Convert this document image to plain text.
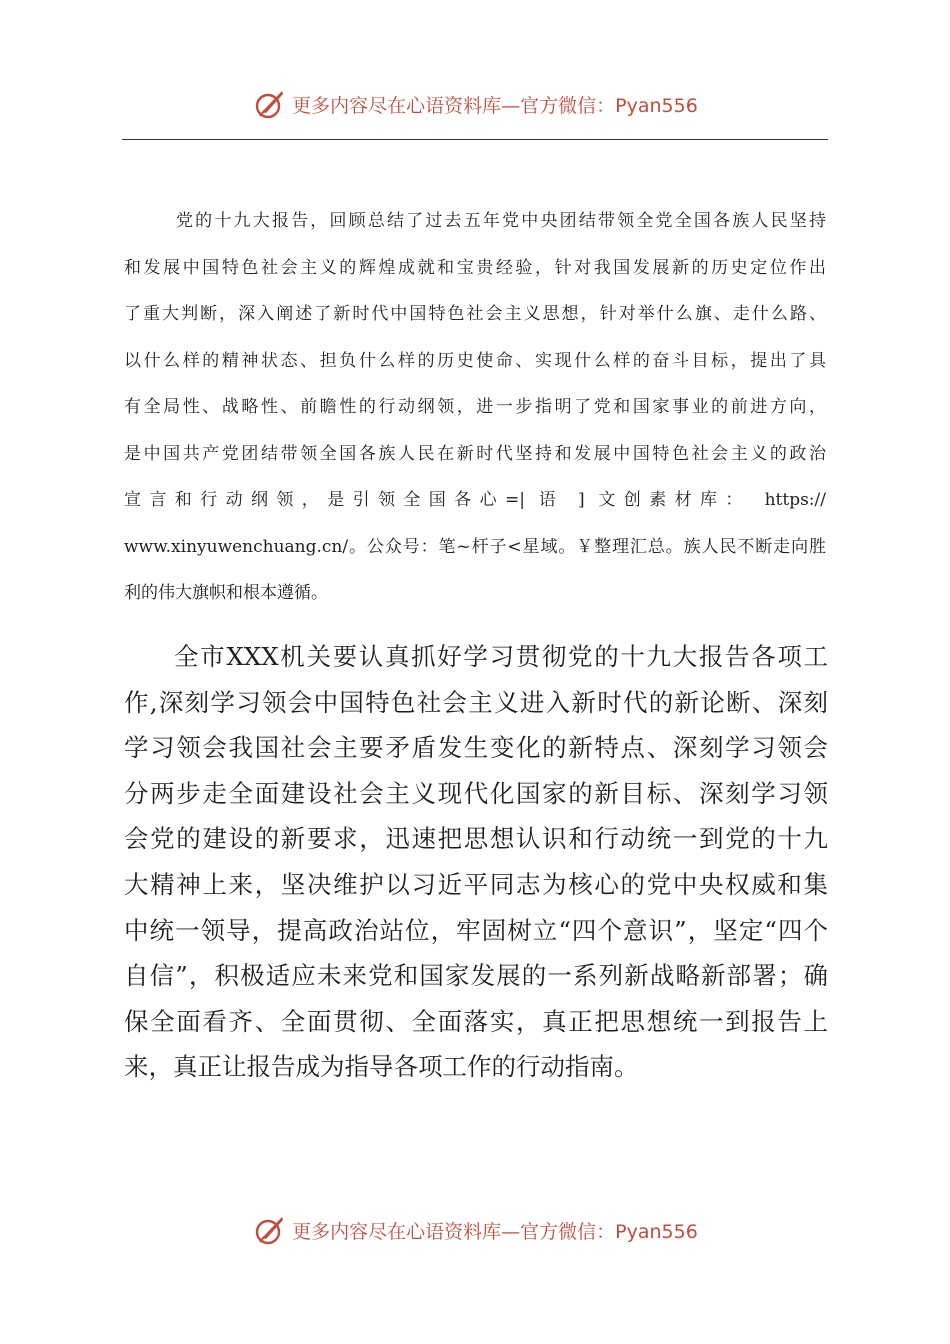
更多内容尽在心语资料库—官方微信：Pyan556

党的十九大报告，回顾总结了过去五年党中央团结带领全党全国各族人民坚持

和发展中国特色社会主义的辉煌成就和宝贵经验，针对我国发展新的历史定位作出

了重大判断，深入阐述了新时代中国特色社会主义思想，针对举什么旗、走什么路、

以什么样的精神状态、担负什么样的历史使命、实现什么样的奋斗目标，提出了具

有全局性、战略性、前瞻性的行动纲领，进一步指明了党和国家事业的前进方向，

是中国共产党团结带领全国各族人民在新时代坚持和发展中国特色社会主义的政治

宣言和行动纲领，是引领全国各心=| 语 ] 文创素材库： https://

www.xinyuwenchuang.cn/。公众号：笔~杆子<星域。￥整理汇总。族人民不断走向胜

利的伟大旗帜和根本遵循。

全市XXX机关要认真抓好学习贯彻党的十九大报告各项工

作,深刻学习领会中国特色社会主义进入新时代的新论断、深刻

学习领会我国社会主要矛盾发生变化的新特点、深刻学习领会

分两步走全面建设社会主义现代化国家的新目标、深刻学习领

会党的建设的新要求，迅速把思想认识和行动统一到党的十九

大精神上来，坚决维护以习近平同志为核心的党中央权威和集

中统一领导，提高政治站位，牢固树立“四个意识”，坚定“四个

自信”，积极适应未来党和国家发展的一系列新战略新部署；确

保全面看齐、全面贯彻、全面落实，真正把思想统一到报告上

来，真正让报告成为指导各项工作的行动指南。

更多内容尽在心语资料库—官方微信：Pyan556
